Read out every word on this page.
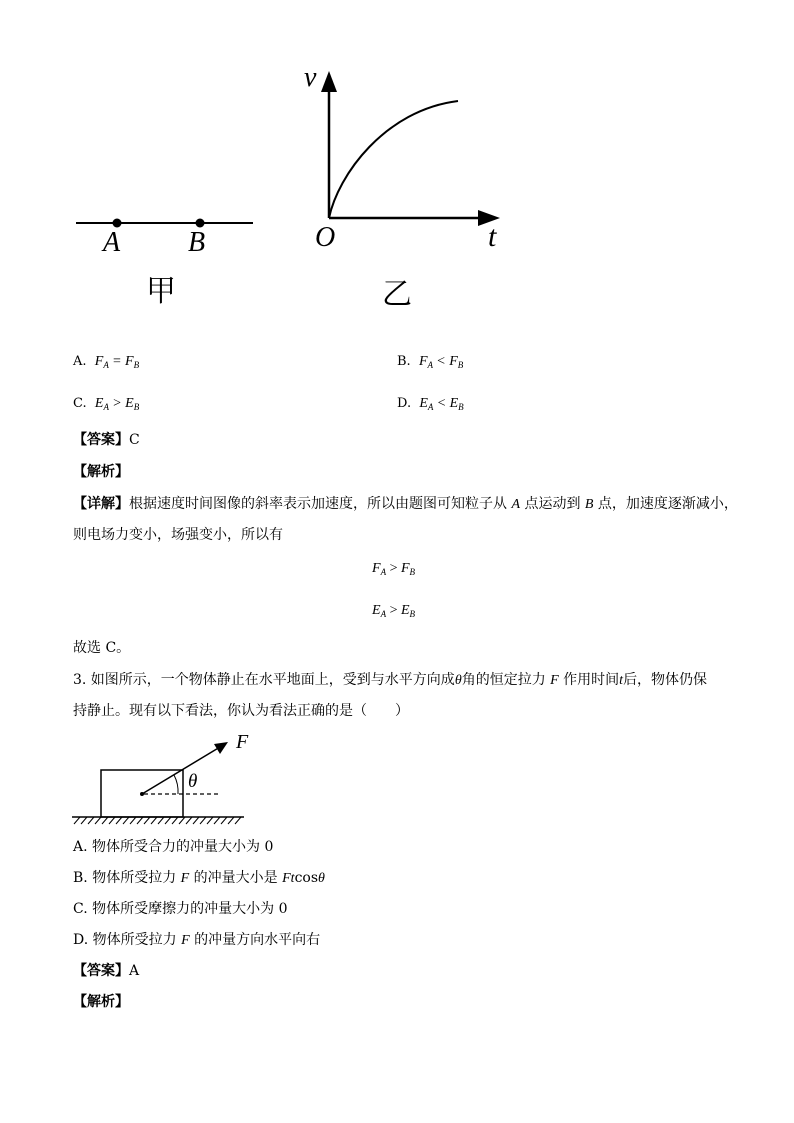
A B
甲
v
t
O
乙
A. $F_A = F_B$	B. $F_A < F_B$
C. $E_A > E_B$	D. $E_A < E_B$
【答案】C
【解析】
【详解】根据速度时间图像的斜率表示加速度，所以由题图可知粒子从 A 点运动到 B 点，加速度逐渐减小，
则电场力变小，场强变小，所以有
$F_A > F_B$
$E_A > E_B$
故选 C。
3. 如图所示，一个物体静止在水平地面上，受到与水平方向成θ角的恒定拉力 F 作用时间t后，物体仍保
持静止。现有以下看法，你认为看法正确的是（　　）
F
θ
A. 物体所受合力的冲量大小为 0
B. 物体所受拉力 F 的冲量大小是 Ftcosθ
C. 物体所受摩擦力的冲量大小为 0
D. 物体所受拉力 F 的冲量方向水平向右
【答案】A
【解析】
